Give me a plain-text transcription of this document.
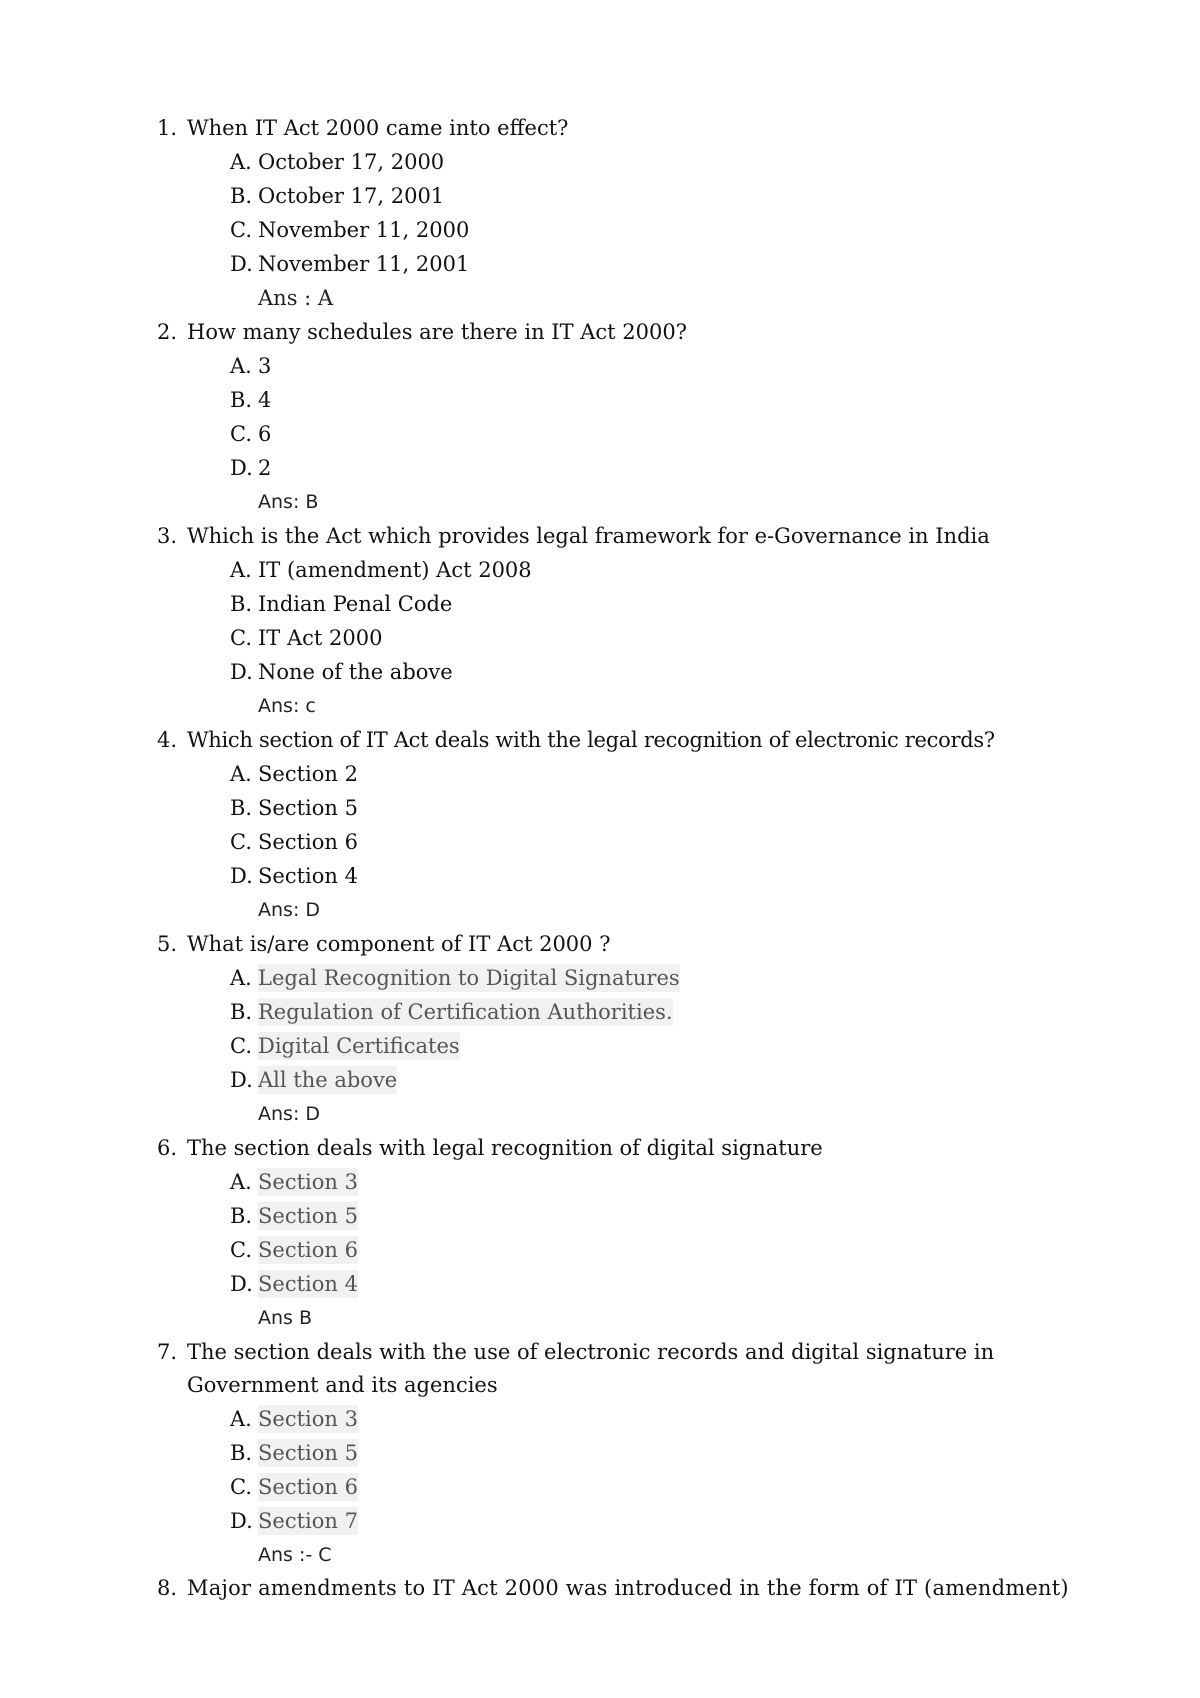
1. When IT Act 2000 came into effect?
A. October 17, 2000
B. October 17, 2001
C. November 11, 2000
D. November 11, 2001
Ans : A
2. How many schedules are there in IT Act 2000?
A. 3
B. 4
C. 6
D. 2
Ans: B
3. Which is the Act which provides legal framework for e-Governance in India
A. IT (amendment) Act 2008
B. Indian Penal Code
C. IT Act 2000
D. None of the above
Ans: c
4. Which section of IT Act deals with the legal recognition of electronic records?
A. Section 2
B. Section 5
C. Section 6
D. Section 4
Ans: D
5. What is/are component of IT Act 2000 ?
A. Legal Recognition to Digital Signatures
B. Regulation of Certification Authorities.
C. Digital Certificates
D. All the above
Ans: D
6. The section deals with legal recognition of digital signature
A. Section 3
B. Section 5
C. Section 6
D. Section 4
Ans B
7. The section deals with the use of electronic records and digital signature in
Government and its agencies
A. Section 3
B. Section 5
C. Section 6
D. Section 7
Ans :- C
8. Major amendments to IT Act 2000 was introduced in the form of IT (amendment)
